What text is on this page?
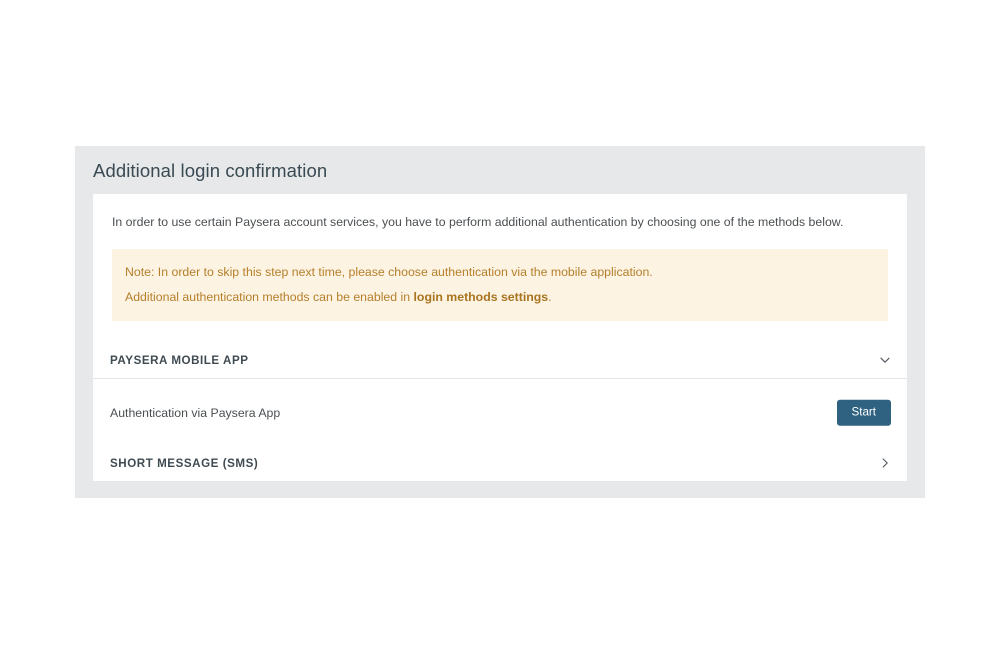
Additional login confirmation

In order to use certain Paysera account services, you have to perform additional authentication by choosing one of the methods below.

Note: In order to skip this step next time, please choose authentication via the mobile application.

Additional authentication methods can be enabled in login methods settings.

PAYSERA MOBILE APP
Authentication via Paysera App	Start
SHORT MESSAGE (SMS)
